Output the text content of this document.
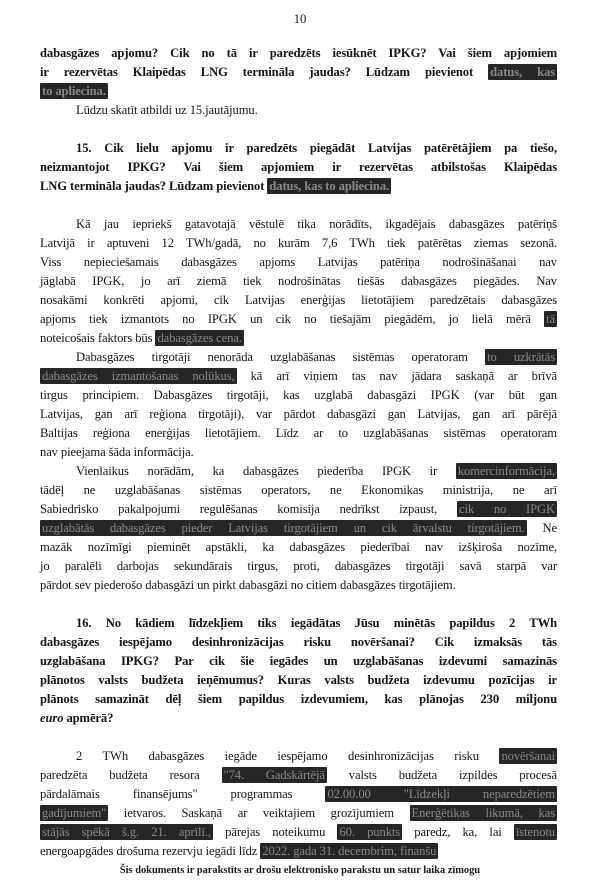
10
dabasgāzes apjomu? Cik no tā ir paredzēts iesūknēt IPKG? Vai šiem apjomiem
ir rezervētas Klaipēdas LNG termināla jaudas? Lūdzam pievienot datus, kas
to apliecina.
Lūdzu skatīt atbildi uz 15.jautājumu.
15. Cik lielu apjomu ir paredzēts piegādāt Latvijas patērētājiem pa tiešo,
neizmantojot IPKG? Vai šiem apjomiem ir rezervētas atbilstošas Klaipēdas
LNG termināla jaudas? Lūdzam pievienot datus, kas to apliecina.
Kā jau iepriekš gatavotajā vēstulē tika norādīts, ikgadējais dabasgāzes patēriņš
Latvijā ir aptuveni 12 TWh/gadā, no kurām 7,6 TWh tiek patērētas ziemas sezonā.
Viss nepieciešamais dabasgāzes apjoms Latvijas patēriņa nodrošināšanai nav
jāglabā IPGK, jo arī ziemā tiek nodrošinātas tiešās dabasgāzes piegādes. Nav
nosakāmi konkrēti apjomi, cik Latvijas enerģijas lietotājiem paredzētais dabasgāzes
apjoms tiek izmantots no IPGK un cik no tiešajām piegādēm, jo lielā mērā tā
noteicošais faktors būs dabasgāzes cena.
Dabasgāzes tirgotāji nenorāda uzglabāšanas sistēmas operatoram to uzkrātās
dabasgāzes izmantošanas nolūkus, kā arī viņiem tas nav jādara saskaņā ar brīvā
tirgus principiem. Dabasgāzes tirgotāji, kas uzglabā dabasgāzi IPGK (var būt gan
Latvijas, gan arī reģiona tirgotāji), var pārdot dabasgāzi gan Latvijas, gan arī pārējā
Baltijas reģiona enerģijas lietotājiem. Līdz ar to uzglabāšanas sistēmas operatoram
nav pieejama šāda informācija.
Vienlaikus norādām, ka dabasgāzes piederība IPGK ir komercinformācija,
tādēļ ne uzglabāšanas sistēmas operators, ne Ekonomikas ministrija, ne arī
Sabiedrisko pakalpojumi regulēšanas komisija nedrīkst izpaust, cik no IPGK
uzglabātās dabasgāzes pieder Latvijas tirgotājiem un cik ārvalstu tirgotājiem. Ne
mazāk nozīmīgi pieminēt apstākli, ka dabasgāzes piederībai nav izšķiroša nozīme,
jo paralēli darbojas sekundārais tirgus, proti, dabasgāzes tirgotāji savā starpā var
pārdot sev piederošo dabasgāzi un pirkt dabasgāzi no citiem dabasgāzes tirgotājiem.
16. No kādiem līdzekļiem tiks iegādātas Jūsu minētās papildus 2 TWh
dabasgāzes iespējamo desinhronizācijas risku novēršanai? Cik izmaksās tās
uzglabāšana IPKG? Par cik šie iegādes un uzglabāšanas izdevumi samazinās
plānotos valsts budžeta ieņēmumus? Kuras valsts budžeta izdevumu pozīcijas ir
plānots samazināt dēļ šiem papildus izdevumiem, kas plānojas 230 miljonu
euro apmērā?
2 TWh dabasgāzes iegāde iespējamo desinhronizācijas risku novēršanai
paredzēta budžeta resora "74. Gadskārtējā valsts budžeta izpildes procesā
pārdalāmais finansējums" programmas 02.00.00 "Līdzekļi neparedzētiem
gadījumiem" ietvaros. Saskaņā ar veiktajiem grozījumiem Enerģētikas likumā, kas
stājās spēkā š.g. 21. aprīlī., pārejas noteikumu 60. punkts paredz, ka, lai īstenotu
energoapgādes drošuma rezervju iegādi līdz 2022. gada 31. decembrim, finanšu
Šis dokuments ir parakstīts ar drošu elektronisko parakstu un satur laika zīmogu
